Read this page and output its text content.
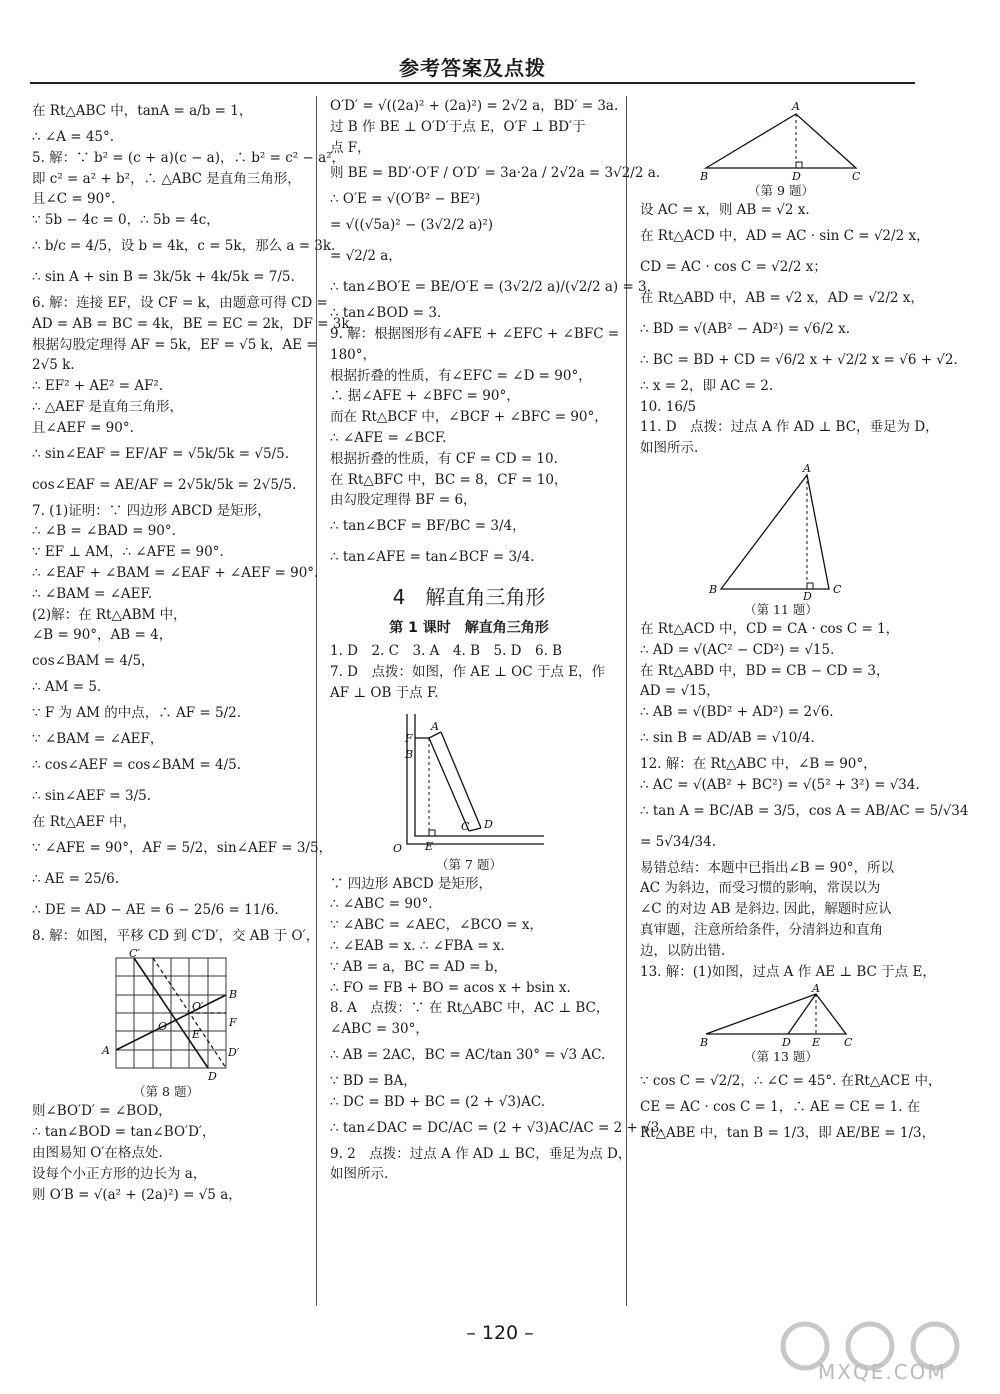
参考答案及点拨
在 Rt△ABC 中，tanA = a/b = 1，
∴ ∠A = 45°.
5. 解：∵ b² = (c + a)(c − a)，∴ b² = c² − a²，
即 c² = a² + b²，∴ △ABC 是直角三角形，
且∠C = 90°.
∵ 5b − 4c = 0，∴ 5b = 4c，
∴ b/c = 4/5，设 b = 4k，c = 5k，那么 a = 3k.
∴ sin A + sin B = 3k/5k + 4k/5k = 7/5.
6. 解：连接 EF，设 CF = k，由题意可得 CD =
AD = AB = BC = 4k，BE = EC = 2k，DF = 3k，
根据勾股定理得 AF = 5k，EF = √5 k，AE =
2√5 k.
∴ EF² + AE² = AF².
∴ △AEF 是直角三角形，
且∠AEF = 90°.
∴ sin∠EAF = EF/AF = √5k/5k = √5/5.
cos∠EAF = AE/AF = 2√5k/5k = 2√5/5.
7. (1)证明：∵ 四边形 ABCD 是矩形，
∴ ∠B = ∠BAD = 90°.
∵ EF ⊥ AM，∴ ∠AFE = 90°.
∴ ∠EAF + ∠BAM = ∠EAF + ∠AEF = 90°.
∴ ∠BAM = ∠AEF.
(2)解：在 Rt△ABM 中，
∠B = 90°，AB = 4，
cos∠BAM = 4/5，
∴ AM = 5.
∵ F 为 AM 的中点，∴ AF = 5/2.
∵ ∠BAM = ∠AEF，
∴ cos∠AEF = cos∠BAM = 4/5.
∴ sin∠AEF = 3/5.
在 Rt△AEF 中，
∵ ∠AFE = 90°，AF = 5/2，sin∠AEF = 3/5，
∴ AE = 25/6.
∴ DE = AD − AE = 6 − 25/6 = 11/6.
8. 解：如图，平移 CD 到 C′D′，交 AB 于 O′，
C′
B
O′
O	F
E
A	D′
D
（第 8 题）
则∠BO′D′ = ∠BOD，
∴ tan∠BOD = tan∠BO′D′，
由图易知 O′在格点处.
设每个小正方形的边长为 a，
则 O′B = √(a² + (2a)²) = √5 a，
O′D′ = √((2a)² + (2a)²) = 2√2 a，BD′ = 3a.
过 B 作 BE ⊥ O′D′于点 E，O′F ⊥ BD′于
点 F，
则 BE = BD′·O′F / O′D′ = 3a·2a / 2√2a = 3√2/2 a.
∴ O′E = √(O′B² − BE²)
= √((√5a)² − (3√2/2 a)²)
= √2/2 a，
∴ tan∠BO′E = BE/O′E = (3√2/2 a)/(√2/2 a) = 3，
∴ tan∠BOD = 3.
9. 解：根据图形有∠AFE + ∠EFC + ∠BFC =
180°，
根据折叠的性质，有∠EFC = ∠D = 90°，
∴ 据∠AFE + ∠BFC = 90°，
而在 Rt△BCF 中，∠BCF + ∠BFC = 90°，
∴ ∠AFE = ∠BCF.
根据折叠的性质，有 CF = CD = 10.
在 Rt△BFC 中，BC = 8，CF = 10，
由勾股定理得 BF = 6，
∴ tan∠BCF = BF/BC = 3/4，
∴ tan∠AFE = tan∠BCF = 3/4.
4　解直角三角形
第 1 课时　解直角三角形
1. D　2. C　3. A　4. B　5. D　6. B
7. D　点拨：如图，作 AE ⊥ OC 于点 E，作
AF ⊥ OB 于点 F.
A
F
B
C D
O E
（第 7 题）
∵ 四边形 ABCD 是矩形，
∴ ∠ABC = 90°.
∵ ∠ABC = ∠AEC，∠BCO = x，
∴ ∠EAB = x. ∴ ∠FBA = x.
∵ AB = a，BC = AD = b，
∴ FO = FB + BO = acos x + bsin x.
8. A　点拨：∵ 在 Rt△ABC 中，AC ⊥ BC，
∠ABC = 30°，
∴ AB = 2AC，BC = AC/tan 30° = √3 AC.
∵ BD = BA，
∴ DC = BD + BC = (2 + √3)AC.
∴ tan∠DAC = DC/AC = (2 + √3)AC/AC = 2 + √3.
9. 2　点拨：过点 A 作 AD ⊥ BC，垂足为点 D，
如图所示.
A
B	D	C
（第 9 题）
设 AC = x，则 AB = √2 x.
在 Rt△ACD 中，AD = AC · sin C = √2/2 x，
CD = AC · cos C = √2/2 x；
在 Rt△ABD 中，AB = √2 x，AD = √2/2 x，
∴ BD = √(AB² − AD²) = √6/2 x.
∴ BC = BD + CD = √6/2 x + √2/2 x = √6 + √2.
∴ x = 2，即 AC = 2.
10. 16/5
11. D　点拨：过点 A 作 AD ⊥ BC，垂足为 D，
如图所示.
A
B
D
C
（第 11 题）
在 Rt△ACD 中，CD = CA · cos C = 1，
∴ AD = √(AC² − CD²) = √15.
在 Rt△ABD 中，BD = CB − CD = 3，
AD = √15，
∴ AB = √(BD² + AD²) = 2√6.
∴ sin B = AD/AB = √10/4.
12. 解：在 Rt△ABC 中，∠B = 90°，
∴ AC = √(AB² + BC²) = √(5² + 3²) = √34.
∴ tan A = BC/AB = 3/5，cos A = AB/AC = 5/√34
= 5√34/34.
易错总结：本题中已指出∠B = 90°，所以
AC 为斜边，而受习惯的影响，常误以为
∠C 的对边 AB 是斜边. 因此，解题时应认
真审题，注意所给条件，分清斜边和直角
边，以防出错.
13. 解：(1)如图，过点 A 作 AE ⊥ BC 于点 E，
A
B	D E C
（第 13 题）
∵ cos C = √2/2，∴ ∠C = 45°. 在Rt△ACE 中，
CE = AC · cos C = 1，∴ AE = CE = 1. 在
Rt△ABE 中，tan B = 1/3，即 AE/BE = 1/3，
– 120 –
MXQE.COM
